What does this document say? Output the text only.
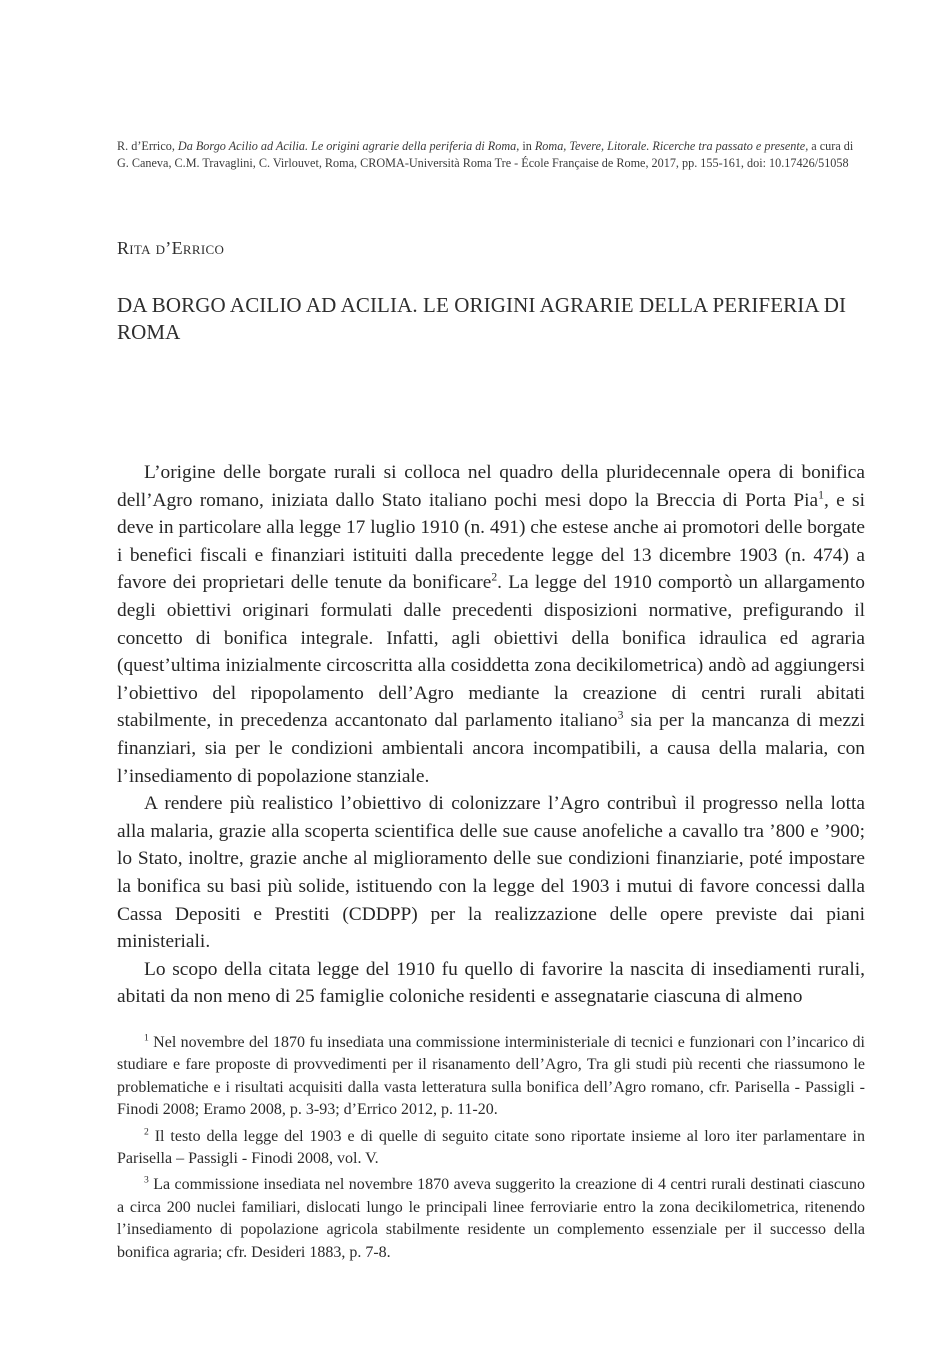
R. d’Errico, Da Borgo Acilio ad Acilia. Le origini agrarie della periferia di Roma, in Roma, Tevere, Litorale. Ricerche tra passato e presente, a cura di G. Caneva, C.M. Travaglini, C. Virlouvet, Roma, CROMA-Università Roma Tre - École Française de Rome, 2017, pp. 155-161, doi: 10.17426/51058
Rita d’Errico
DA BORGO ACILIO AD ACILIA. LE ORIGINI AGRARIE DELLA PERIFERIA DI ROMA

L’origine delle borgate rurali si colloca nel quadro della pluridecennale opera di bonifica dell’Agro romano, iniziata dallo Stato italiano pochi mesi dopo la Breccia di Porta Pia$^1$, e si deve in particolare alla legge 17 luglio 1910 (n. 491) che estese anche ai promotori delle borgate i benefici fiscali e finanziari istituiti dalla precedente legge del 13 dicembre 1903 (n. 474) a favore dei proprietari delle tenute da bonificare$^2$. La legge del 1910 comportò un allargamento degli obiettivi originari formulati dalle precedenti disposizioni normative, prefigurando il concetto di bonifica integrale. Infatti, agli obiettivi della bonifica idraulica ed agraria (quest’ultima inizialmente circoscritta alla cosiddetta zona decikilometrica) andò ad aggiungersi l’obiettivo del ripopolamento dell’Agro mediante la creazione di centri rurali abitati stabilmente, in precedenza accantonato dal parlamento italiano$^3$ sia per la mancanza di mezzi finanziari, sia per le condizioni ambientali ancora incompatibili, a causa della malaria, con l’insediamento di popolazione stanziale.

A rendere più realistico l’obiettivo di colonizzare l’Agro contribuì il progresso nella lotta alla malaria, grazie alla scoperta scientifica delle sue cause anofeliche a cavallo tra ’800 e ’900; lo Stato, inoltre, grazie anche al miglioramento delle sue condizioni finanziarie, poté impostare la bonifica su basi più solide, istituendo con la legge del 1903 i mutui di favore concessi dalla Cassa Depositi e Prestiti (CDDPP) per la realizzazione delle opere previste dai piani ministeriali.

Lo scopo della citata legge del 1910 fu quello di favorire la nascita di insediamenti rurali, abitati da non meno di 25 famiglie coloniche residenti e assegnatarie ciascuna di almeno

$^1$ Nel novembre del 1870 fu insediata una commissione interministeriale di tecnici e funzionari con l’incarico di studiare e fare proposte di provvedimenti per il risanamento dell’Agro, Tra gli studi più recenti che riassumono le problematiche e i risultati acquisiti dalla vasta letteratura sulla bonifica dell’Agro romano, cfr. Parisella - Passigli - Finodi 2008; Eramo 2008, p. 3-93; d’Errico 2012, p. 11-20.

$^2$ Il testo della legge del 1903 e di quelle di seguito citate sono riportate insieme al loro iter parlamentare in Parisella – Passigli - Finodi 2008, vol. V.

$^3$ La commissione insediata nel novembre 1870 aveva suggerito la creazione di 4 centri rurali destinati ciascuno a circa 200 nuclei familiari, dislocati lungo le principali linee ferroviarie entro la zona decikilometrica, ritenendo l’insediamento di popolazione agricola stabilmente residente un complemento essenziale per il successo della bonifica agraria; cfr. Desideri 1883, p. 7-8.
